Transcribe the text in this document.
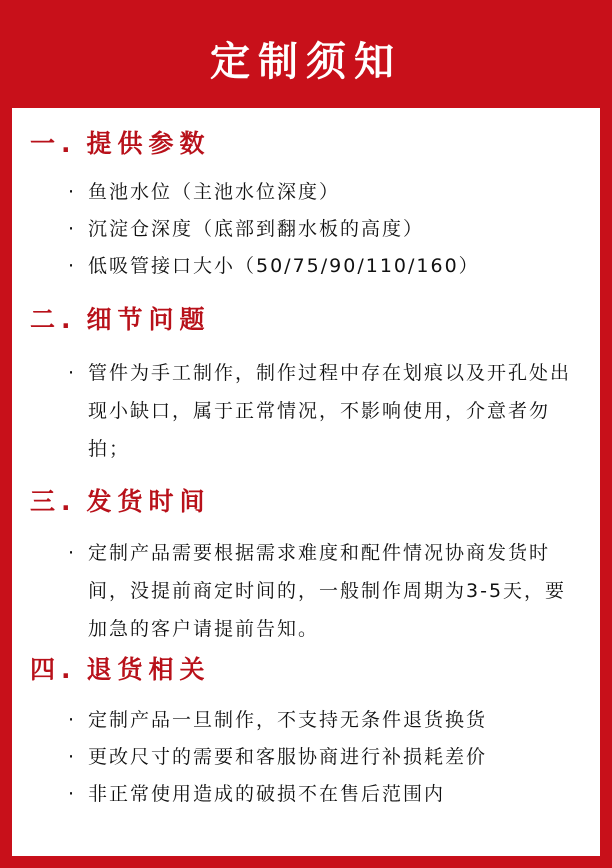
定制须知
一. 提供参数
· 鱼池水位（主池水位深度）
· 沉淀仓深度（底部到翻水板的高度）
· 低吸管接口大小（50/75/90/110/160）
二. 细节问题
· 管件为手工制作，制作过程中存在划痕以及开孔处出现小缺口，属于正常情况，不影响使用，介意者勿拍；
三. 发货时间
· 定制产品需要根据需求难度和配件情况协商发货时间，没提前商定时间的，一般制作周期为3-5天，要加急的客户请提前告知。
四. 退货相关
· 定制产品一旦制作，不支持无条件退货换货
· 更改尺寸的需要和客服协商进行补损耗差价
· 非正常使用造成的破损不在售后范围内
